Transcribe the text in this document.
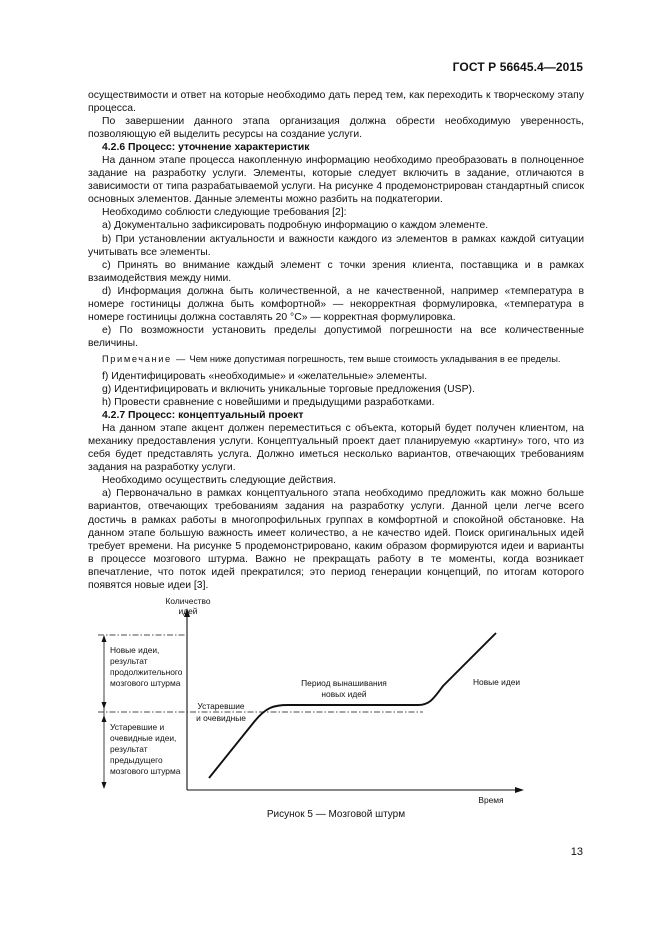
ГОСТ Р 56645.4—2015

осуществимости и ответ на которые необходимо дать перед тем, как переходить к творческому этапу процесса.

По завершении данного этапа организация должна обрести необходимую уверенность, позволяющую ей выделить ресурсы на создание услуги.

4.2.6 Процесс: уточнение характеристик

На данном этапе процесса накопленную информацию необходимо преобразовать в полноценное задание на разработку услуги. Элементы, которые следует включить в задание, отличаются в зависимости от типа разрабатываемой услуги. На рисунке 4 продемонстрирован стандартный список основных элементов. Данные элементы можно разбить на подкатегории.

Необходимо соблюсти следующие требования [2]:

a) Документально зафиксировать подробную информацию о каждом элементе.

b) При установлении актуальности и важности каждого из элементов в рамках каждой ситуации учитывать все элементы.

c) Принять во внимание каждый элемент с точки зрения клиента, поставщика и в рамках взаимодействия между ними.

d) Информация должна быть количественной, а не качественной, например «температура в номере гостиницы должна быть комфортной» — некорректная формулировка, «температура в номере гостиницы должна составлять 20 °С» — корректная формулировка.

e) По возможности установить пределы допустимой погрешности на все количественные величины.

Примечание — Чем ниже допустимая погрешность, тем выше стоимость укладывания в ее пределы.

f) Идентифицировать «необходимые» и «желательные» элементы.

g) Идентифицировать и включить уникальные торговые предложения (USP).

h) Провести сравнение с новейшими и предыдущими разработками.

4.2.7 Процесс: концептуальный проект

На данном этапе акцент должен переместиться с объекта, который будет получен клиентом, на механику предоставления услуги. Концептуальный проект дает планируемую «картину» того, что из себя будет представлять услуга. Должно иметься несколько вариантов, отвечающих требованиям задания на разработку услуги.

Необходимо осуществить следующие действия.

a) Первоначально в рамках концептуального этапа необходимо предложить как можно больше вариантов, отвечающих требованиям задания на разработку услуги. Данной цели легче всего достичь в рамках работы в многопрофильных группах в комфортной и спокойной обстановке. На данном этапе большую важность имеет количество, а не качество идей. Поиск оригинальных идей требует времени. На рисунке 5 продемонстрировано, каким образом формируются идеи и варианты в процессе мозгового штурма. Важно не прекращать работу в те моменты, когда возникает впечатление, что поток идей прекратился; это период генерации концепций, по итогам которого появятся новые идеи [3].

Количество
идей
Время
Новые идеи,
результат
продолжительного
мозгового штурма
Устаревшие и
очевидные идеи,
результат
предыдущего
мозгового штурма
Устаревшие
и очевидные
Период вынашивания
новых идей
Новые идеи
Рисунок 5 — Мозговой штурм
13
